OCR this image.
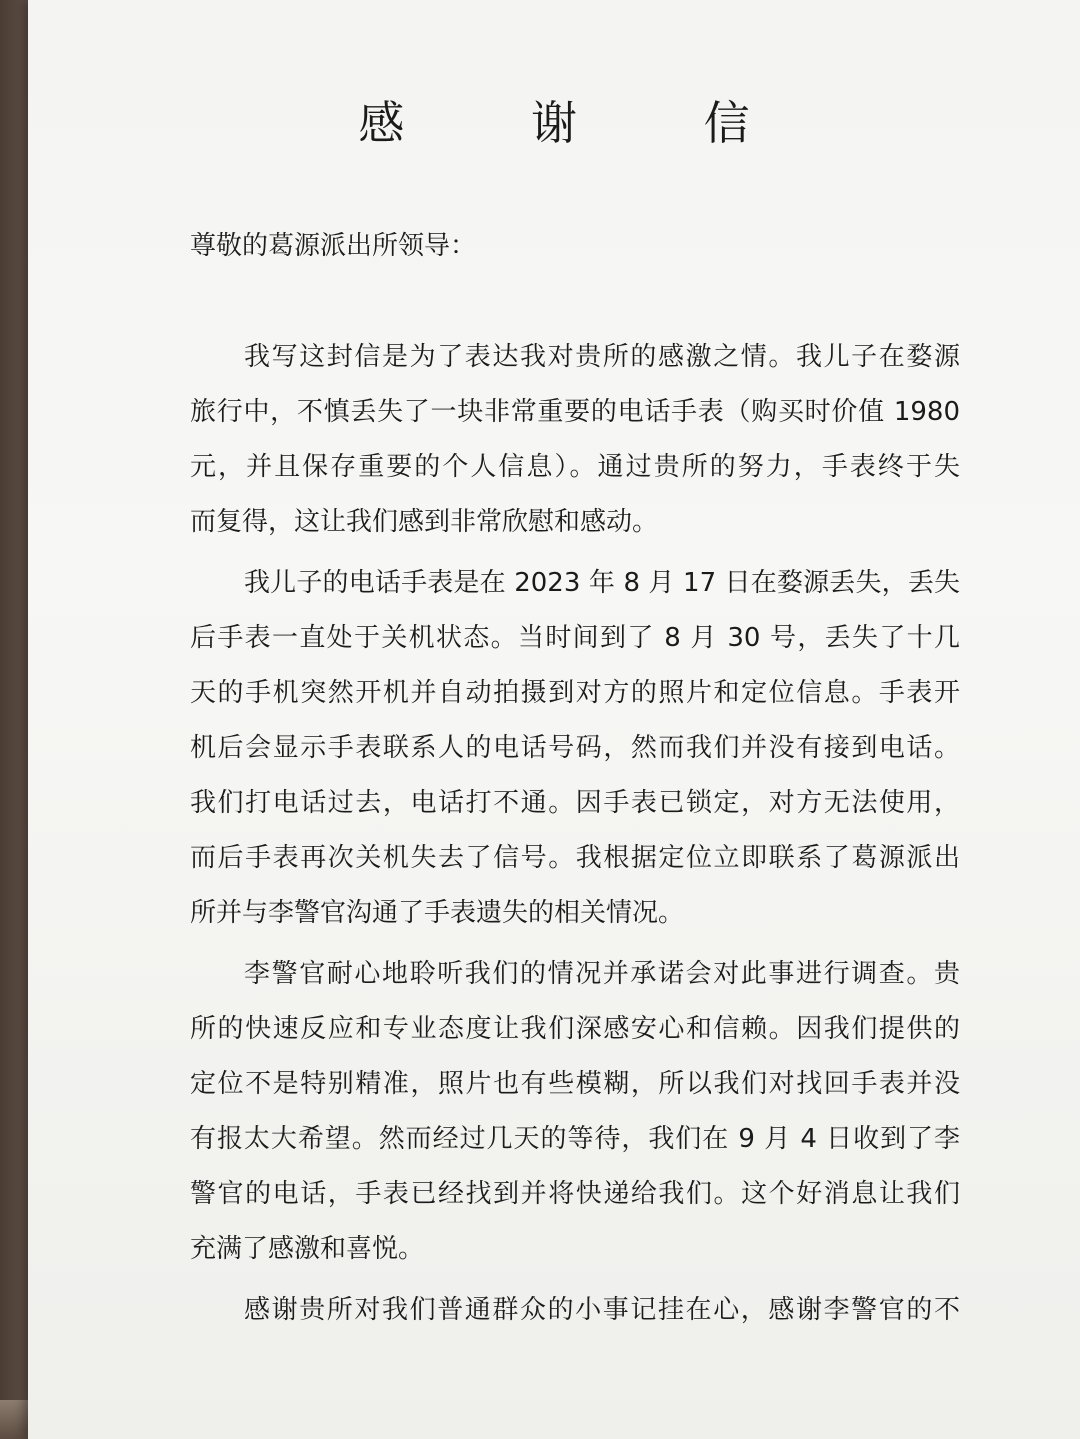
感 谢 信
尊敬的葛源派出所领导：
我写这封信是为了表达我对贵所的感激之情。我儿子在婺源
旅行中，不慎丢失了一块非常重要的电话手表（购买时价值 1980
元，并且保存重要的个人信息）。通过贵所的努力，手表终于失
而复得，这让我们感到非常欣慰和感动。
我儿子的电话手表是在 2023 年 8 月 17 日在婺源丢失，丢失
后手表一直处于关机状态。当时间到了 8 月 30 号，丢失了十几
天的手机突然开机并自动拍摄到对方的照片和定位信息。手表开
机后会显示手表联系人的电话号码，然而我们并没有接到电话。
我们打电话过去，电话打不通。因手表已锁定，对方无法使用，
而后手表再次关机失去了信号。我根据定位立即联系了葛源派出
所并与李警官沟通了手表遗失的相关情况。
李警官耐心地聆听我们的情况并承诺会对此事进行调查。贵
所的快速反应和专业态度让我们深感安心和信赖。因我们提供的
定位不是特别精准，照片也有些模糊，所以我们对找回手表并没
有报太大希望。然而经过几天的等待，我们在 9 月 4 日收到了李
警官的电话，手表已经找到并将快递给我们。这个好消息让我们
充满了感激和喜悦。
感谢贵所对我们普通群众的小事记挂在心，感谢李警官的不
